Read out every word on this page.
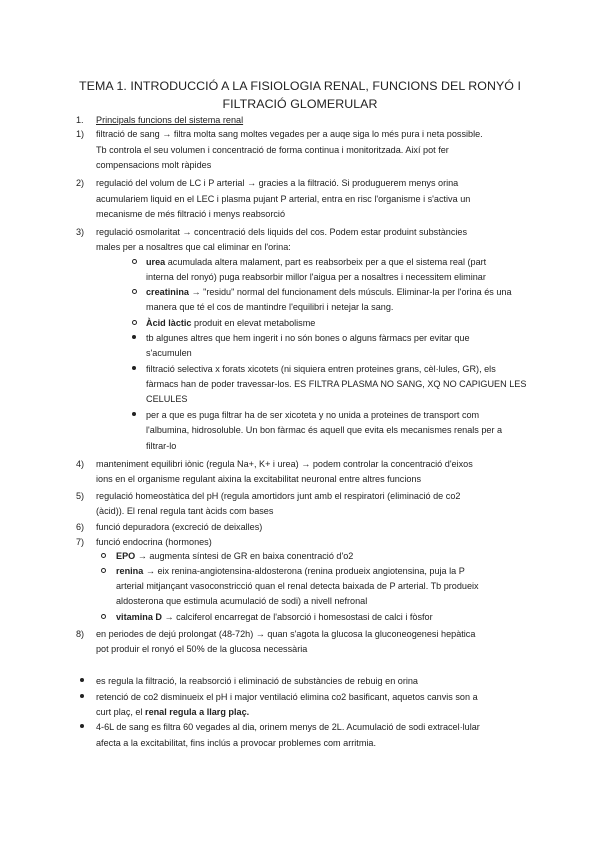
TEMA 1. INTRODUCCIÓ A LA FISIOLOGIA RENAL, FUNCIONS DEL RONYÓ I
FILTRACIÓ GLOMERULAR
1. Principals funcions del sistema renal
1) filtració de sang → filtra molta sang moltes vegades per a auqe siga lo més pura i neta possible.
Tb controla el seu volumen i concentració de forma continua i monitoritzada. Així pot fer
compensacions molt ràpides
2) regulació del volum de LC i P arterial → gracies a la filtració. Si produguerem menys orina
acumulariem liquid en el LEC i plasma pujant P arterial, entra en risc l'organisme i s'activa un
mecanisme de més filtració i menys reabsorció
3) regulació osmolaritat → concentració dels liquids del cos. Podem estar produint substàncies
males per a nosaltres que cal eliminar en l'orina:
urea acumulada altera malament, part es reabsorbeix per a que el sistema real (part
interna del ronyó) puga reabsorbir millor l'aigua per a nosaltres i necessitem eliminar
creatinina → "residu" normal del funcionament dels músculs. Eliminar-la per l'orina és una
manera que té el cos de mantindre l'equilibri i netejar la sang.
Àcid làctic produit en elevat metabolisme
tb algunes altres que hem ingerit i no són bones o alguns fàrmacs per evitar que
s'acumulen
filtració selectiva x forats xicotets (ni siquiera entren proteines grans, cèl·lules, GR), els
fàrmacs han de poder travessar-los. ES FILTRA PLASMA NO SANG, XQ NO CAPIGUEN LES
CELULES
per a que es puga filtrar ha de ser xicoteta y no unida a proteines de transport com
l'albumina, hidrosoluble. Un bon fàrmac és aquell que evita els mecanismes renals per a
filtrar-lo
4) manteniment equilibri iònic (regula Na+, K+ i urea) → podem controlar la concentració d'eixos
ions en el organisme regulant aixina la excitabilitat neuronal entre altres funcions
5) regulació homeostàtica del pH (regula amortidors junt amb el respiratori (eliminació de co2
(àcid)). El renal regula tant àcids com bases
6) funció depuradora (excreció de deixalles)
7) funció endocrina (hormones)
EPO → augmenta síntesi de GR en baixa conentració d'o2
renina → eix renina-angiotensina-aldosterona (renina produeix angiotensina, puja la P
arterial mitjançant vasoconstricció quan el renal detecta baixada de P arterial. Tb produeix
aldosterona que estimula acumulació de sodi) a nivell nefronal
vitamina D → calciferol encarregat de l'absorció i homesostasi de calci i fòsfor
8) en periodes de dejú prolongat (48-72h) → quan s'agota la glucosa la gluconeogenesi hepàtica
pot produir el ronyó el 50% de la glucosa necessària
es regula la filtració, la reabsorció i eliminació de substàncies de rebuig en orina
retenció de co2 disminueix el pH i major ventilació elimina co2 basificant, aquetos canvis son a
curt plaç, el renal regula a llarg plaç.
4-6L de sang es filtra 60 vegades al dia, orinem menys de 2L. Acumulació de sodi extracel·lular
afecta a la excitabilitat, fins inclús a provocar problemes com arritmia.
